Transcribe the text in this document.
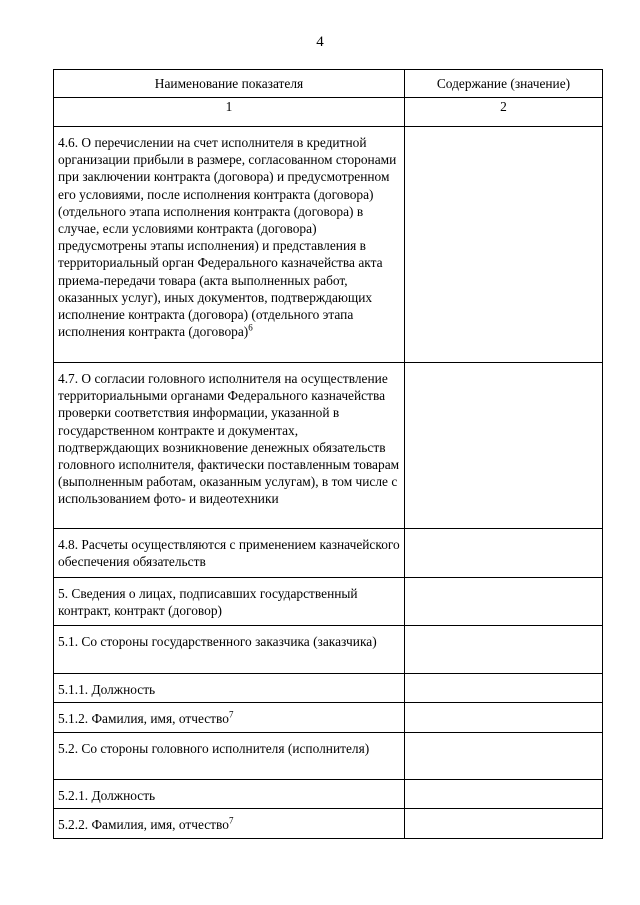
4
Наименование показателя	Содержание (значение)
1	2

4.6. О перечислении на счет исполнителя в кредитной организации прибыли в размере, согласованном сторонами при заключении контракта (договора) и предусмотренном его условиями, после исполнения контракта (договора) (отдельного этапа исполнения контракта (договора) в случае, если условиями контракта (договора) предусмотрены этапы исполнения) и представления в территориальный орган Федерального казначейства акта приема-передачи товара (акта выполненных работ, оказанных услуг), иных документов, подтверждающих исполнение контракта (договора) (отдельного этапа исполнения контракта (договора)$^6$

4.7. О согласии головного исполнителя на осуществление территориальными органами Федерального казначейства проверки соответствия информации, указанной в государственном контракте и документах, подтверждающих возникновение денежных обязательств головного исполнителя, фактически поставленным товарам (выполненным работам, оказанным услугам), в том числе с использованием фото- и видеотехники	

4.8. Расчеты осуществляются с применением казначейского обеспечения обязательств	

5. Сведения о лицах, подписавших государственный контракт, контракт (договор)	

5.1. Со стороны государственного заказчика (заказчика)	

5.1.1. Должность	

5.1.2. Фамилия, имя, отчество$^7$

5.2. Со стороны головного исполнителя (исполнителя)	

5.2.1. Должность	

5.2.2. Фамилия, имя, отчество$^7$
